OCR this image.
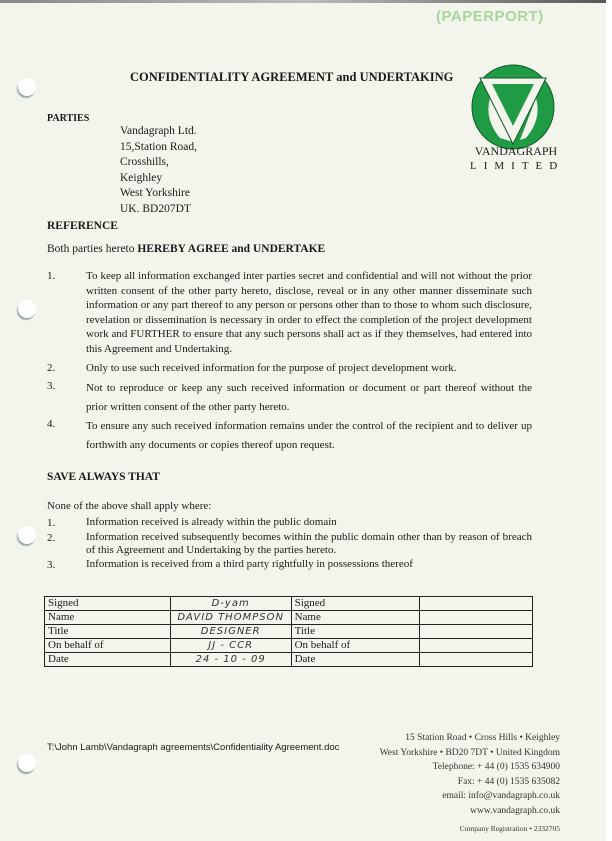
(PAPERPORT)
CONFIDENTIALITY AGREEMENT and UNDERTAKING
VANDAGRAPH
LIMITED
PARTIES
Vandagraph Ltd.
15,Station Road,
Crosshills,
Keighley
West Yorkshire
UK. BD207DT
REFERENCE
Both parties hereto HEREBY AGREE and UNDERTAKE
1.	To keep all information exchanged inter parties secret and confidential and will not without the prior written consent of the other party hereto, disclose, reveal or in any other manner disseminate such information or any part thereof to any person or persons other than to those to whom such disclosure, revelation or dissemination is necessary in order to effect the completion of the project development work and FURTHER to ensure that any such persons shall act as if they themselves, had entered into this Agreement and Undertaking.
2.	Only to use such received information for the purpose of project development work.
3.	Not to reproduce or keep any such received information or document or part thereof without the prior written consent of the other party hereto.
4.	To ensure any such received information remains under the control of the recipient and to deliver up forthwith any documents or copies thereof upon request.
SAVE ALWAYS THAT
None of the above shall apply where:
1.	Information received is already within the public domain
2.	Information received subsequently becomes within the public domain other than by reason of breach of this Agreement and Undertaking by the parties hereto.
3.	Information is received from a third party rightfully in possessions thereof
Signed	D-yam	Signed	
Name	DAVID THOMPSON	Name	
Title	DESIGNER	Title	
On behalf of	JJ - CCR	On behalf of	
Date	24 - 10 - 09	Date	
T:\John Lamb\Vandagraph agreements\Confidentiality Agreement.doc
15 Station Road • Cross Hills • Keighley
West Yorkshire • BD20 7DT • United Kingdom
Telephone: + 44 (0) 1535 634900
Fax: + 44 (0) 1535 635082
email: info@vandagraph.co.uk
www.vandagraph.co.uk
Company Registration • 2332705
